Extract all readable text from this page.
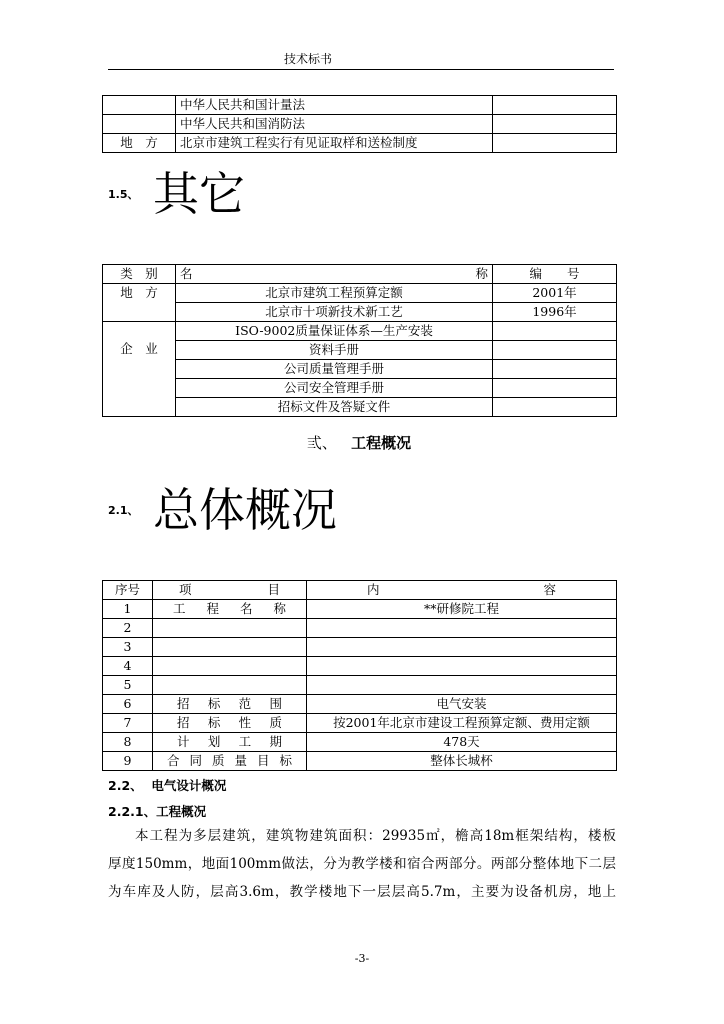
技术标书
	中华人民共和国计量法	
	中华人民共和国消防法	
地　方	北京市建筑工程实行有见证取样和送检制度	
1.5、 其它
类　别	名　　　　　　　称	编　　号
地　方	北京市建筑工程预算定额	2001年
	北京市十项新技术新工艺	1996年
企　业	ISO-9002质量保证体系—生产安装	
	资料手册	
	公司质量管理手册	
	公司安全管理手册	
	招标文件及答疑文件	
弎、 工程概况
2.1、 总体概况
序号	项　　目	内　　　　　　　容
1	工　程　名　称	**研修院工程
2		
3		
4		
5		
6	招　标　范　围	电气安装
7	招　标　性　质	按2001年北京市建设工程预算定额、费用定额
8	计　划　工　期	478天
9	合同质量目标	整体长城杯
2.2、 电气设计概况
2.2.1、工程概况

本工程为多层建筑，建筑物建筑面积：29935㎡，檐高18m框架结构，楼板

厚度150mm，地面100mm做法，分为教学楼和宿合两部分。两部分整体地下二层

为车库及人防，层高3.6m，教学楼地下一层层高5.7m，主要为设备机房，地上

-3-
